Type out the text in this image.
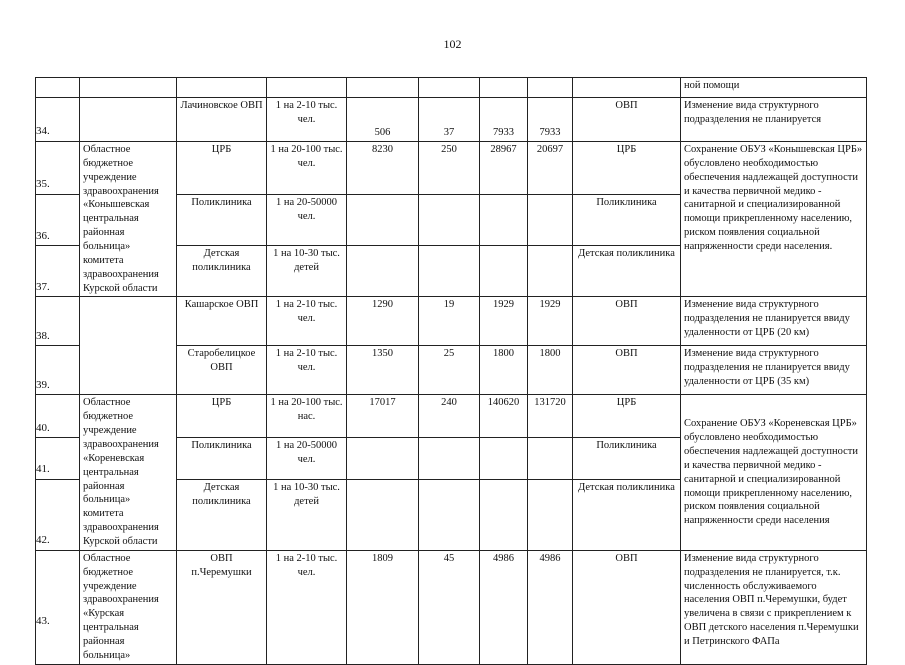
102
									ной помощи
34.		Лачиновское ОВП	1 на 2-10 тыс. чел.	506	37	7933	7933	ОВП	Изменение вида структурного подразделения не планируется
35.	Областное бюджетное учреждение здравоохранения «Конышевская центральная районная больница» комитета здравоохранения Курской области	ЦРБ	1 на 20-100 тыс. чел.	8230	250	28967	20697	ЦРБ	Сохранение ОБУЗ «Конышевская ЦРБ» обусловлено необходимостью обеспечения надлежащей доступности и качества первичной медико - санитарной и специализированной помощи прикрепленному населению, риском появления социальной напряженности среди населения.
36.		Поликлиника	1 на 20-50000 чел.					Поликлиника	
37.		Детская поликлиника	1 на 10-30 тыс. детей					Детская поликлиника	
38.		Кашарское ОВП	1 на 2-10 тыс. чел.	1290	19	1929	1929	ОВП	Изменение вида структурного подразделения не планируется ввиду удаленности от ЦРБ (20 км)
39.		Старобелицкое ОВП	1 на 2-10 тыс. чел.	1350	25	1800	1800	ОВП	Изменение вида структурного подразделения не планируется ввиду удаленности от ЦРБ (35 км)
40.	Областное бюджетное учреждение здравоохранения «Кореневская центральная районная больница» комитета здравоохранения Курской области	ЦРБ	1 на 20-100 тыс. нас.	17017	240	140620	131720	ЦРБ	Сохранение ОБУЗ «Кореневская ЦРБ» обусловлено необходимостью обеспечения надлежащей доступности и качества первичной медико - санитарной и специализированной помощи прикрепленному населению, риском появления социальной напряженности среди населения
41.		Поликлиника	1 на 20-50000 чел.					Поликлиника	
42.		Детская поликлиника	1 на 10-30 тыс. детей					Детская поликлиника	
43.	Областное бюджетное учреждение здравоохранения «Курская центральная районная больница»	ОВП п.Черемушки	1 на 2-10 тыс. чел.	1809	45	4986	4986	ОВП	Изменение вида структурного подразделения не планируется, т.к. численность обслуживаемого населения ОВП п.Черемушки, будет увеличена в связи с прикреплением к ОВП детского населения п.Черемушки и Петринского ФАПа
